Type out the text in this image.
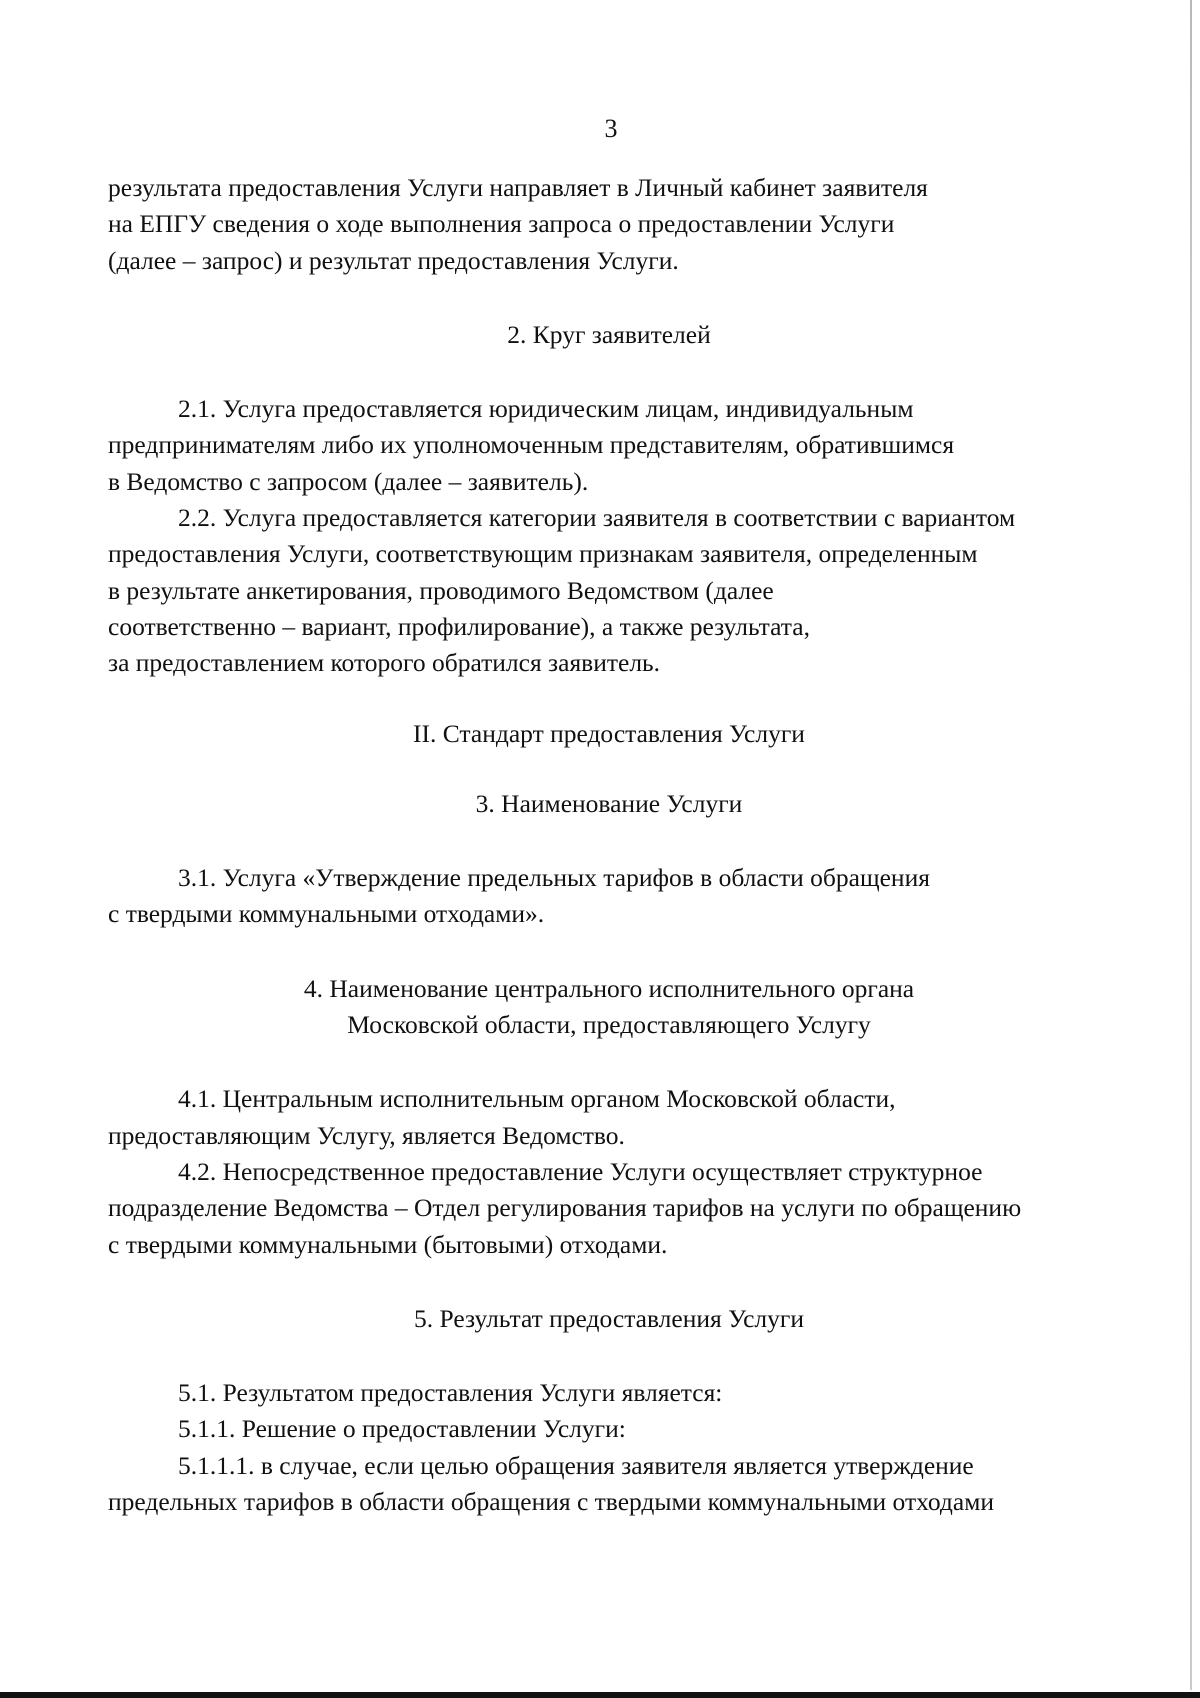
3

результата предоставления Услуги направляет в Личный кабинет заявителя
на ЕПГУ сведения о ходе выполнения запроса о предоставлении Услуги
(далее – запрос) и результат предоставления Услуги.

2. Круг заявителей

2.1. Услуга предоставляется юридическим лицам, индивидуальным
предпринимателям либо их уполномоченным представителям, обратившимся
в Ведомство с запросом (далее – заявитель).

2.2. Услуга предоставляется категории заявителя в соответствии с вариантом
предоставления Услуги, соответствующим признакам заявителя, определенным
в результате анкетирования, проводимого Ведомством (далее
соответственно – вариант, профилирование), а также результата,
за предоставлением которого обратился заявитель.

II. Стандарт предоставления Услуги

3. Наименование Услуги

3.1. Услуга «Утверждение предельных тарифов в области обращения
с твердыми коммунальными отходами».

4. Наименование центрального исполнительного органа
Московской области, предоставляющего Услугу

4.1. Центральным исполнительным органом Московской области,
предоставляющим Услугу, является Ведомство.

4.2. Непосредственное предоставление Услуги осуществляет структурное
подразделение Ведомства – Отдел регулирования тарифов на услуги по обращению
с твердыми коммунальными (бытовыми) отходами.

5. Результат предоставления Услуги

5.1. Результатом предоставления Услуги является:

5.1.1. Решение о предоставлении Услуги:

5.1.1.1. в случае, если целью обращения заявителя является утверждение
предельных тарифов в области обращения с твердыми коммунальными отходами
